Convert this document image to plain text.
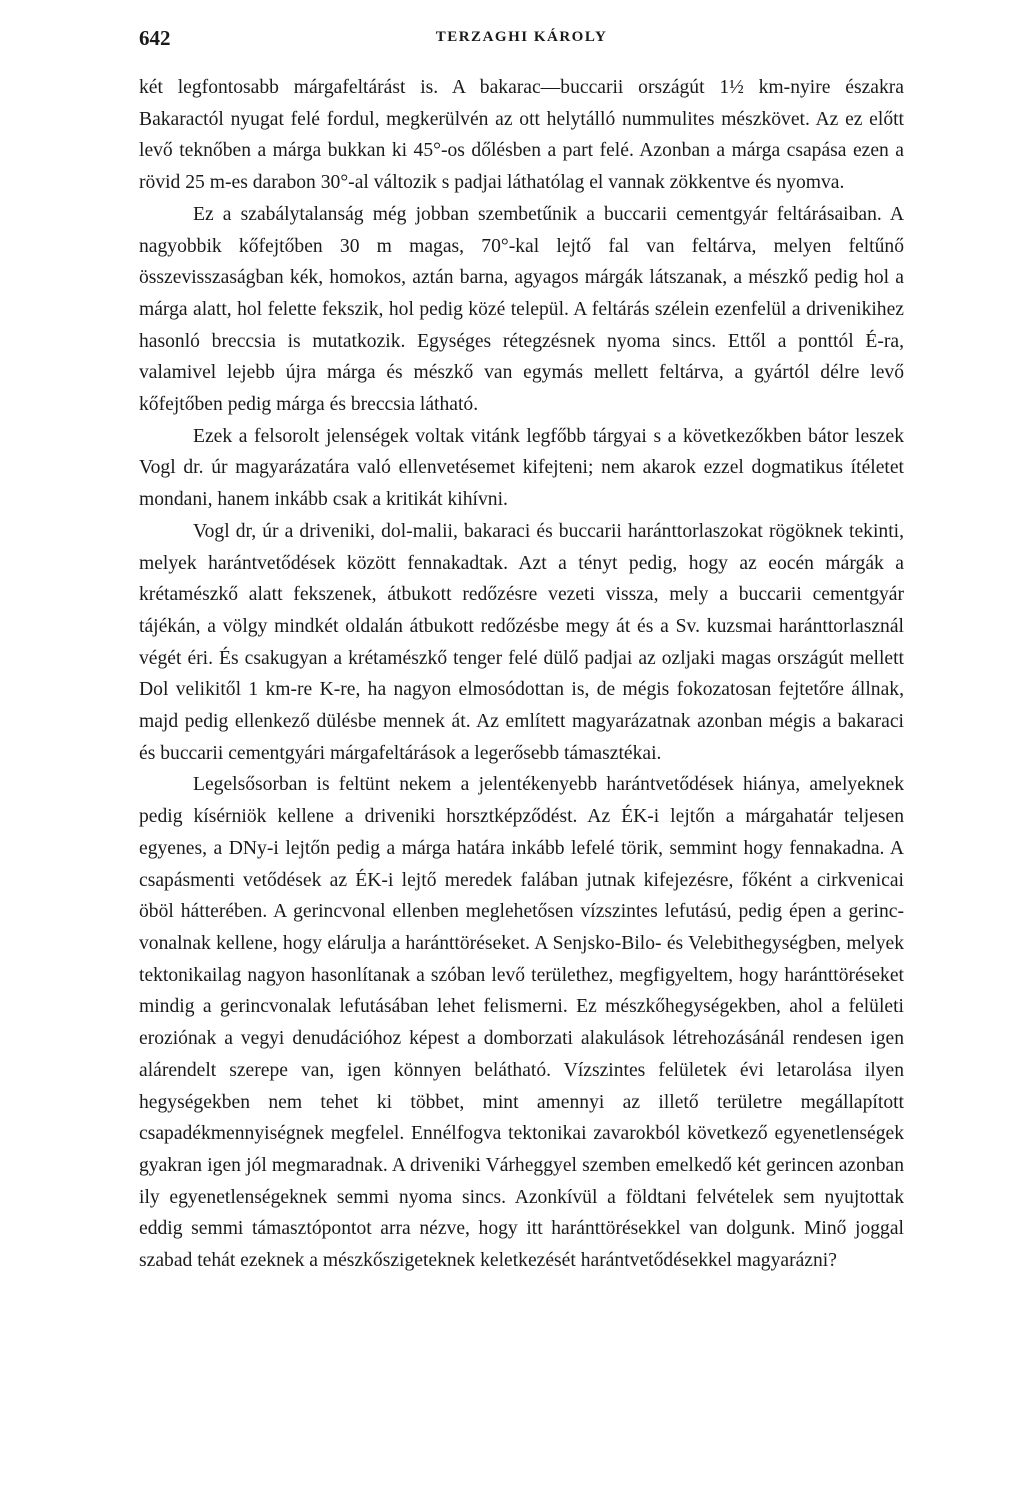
642	TERZAGHI KÁROLY

két legfontosabb márgafeltárást is. A bakarac—buccarii országút 1½ km-nyire északra Bakaractól nyugat felé fordul, megkerülvén az ott helytálló nummulites mészkövet. Az ez előtt levő teknőben a márga bukkan ki 45°-os dőlésben a part felé. Azonban a márga csapása ezen a rövid 25 m-es darabon 30°-al változik s padjai láthatólag el vannak zökkentve és nyomva.

Ez a szabálytalanság még jobban szembetűnik a buccarii cementgyár feltárásaiban. A nagyobbik kőfejtőben 30 m magas, 70°-kal lejtő fal van feltárva, melyen feltűnő összevisszaságban kék, homokos, aztán barna, agyagos márgák látszanak, a mészkő pedig hol a márga alatt, hol felette fekszik, hol pedig közé települ. A feltárás szélein ezenfelül a drivenikihez hasonló breccsia is mutatkozik. Egységes rétegzésnek nyoma sincs. Ettől a ponttól É-ra, valamivel lejebb újra márga és mészkő van egymás mellett feltárva, a gyártól délre levő kőfejtőben pedig márga és breccsia látható.

Ezek a felsorolt jelenségek voltak vitánk legfőbb tárgyai s a következőkben bátor leszek Vogl dr. úr magyarázatára való ellenvetésemet kifejteni; nem akarok ezzel dogmatikus ítéletet mondani, hanem inkább csak a kritikát kihívni.

Vogl dr, úr a driveniki, dol-malii, bakaraci és buccarii haránttorlaszokat rögöknek tekinti, melyek harántvetődések között fennakadtak. Azt a tényt pedig, hogy az eocén márgák a krétamészkő alatt fekszenek, átbukott redőzésre vezeti vissza, mely a buccarii cementgyár tájékán, a völgy mindkét oldalán átbukott redőzésbe megy át és a Sv. kuzsmai haránttorlasznál végét éri. És csakugyan a krétamészkő tenger felé dülő padjai az ozljaki magas országút mellett Dol velikitől 1 km-re K-re, ha nagyon elmosódottan is, de mégis fokozatosan fejtetőre állnak, majd pedig ellenkező dülésbe mennek át. Az említett magyarázatnak azonban mégis a bakaraci és buccarii cementgyári márgafeltárások a legerősebb támasztékai.

Legelsősorban is feltünt nekem a jelentékenyebb harántvetődések hiánya, amelyeknek pedig kísérniök kellene a driveniki horsztképződést. Az ÉK-i lejtőn a márgahatár teljesen egyenes, a DNy-i lejtőn pedig a márga határa inkább lefelé törik, semmint hogy fennakadna. A csapásmenti vetődések az ÉK-i lejtő meredek falában jutnak kifejezésre, főként a cirkvenicai öböl hátterében. A gerincvonal ellenben meglehetősen vízszintes lefutású, pedig épen a gerincvonalnak kellene, hogy elárulja a haránttöréseket. A Senjsko-Bilo- és Velebithegységben, melyek tektonikailag nagyon hasonlítanak a szóban levő területhez, megfigyeltem, hogy haránttöréseket mindig a gerincvonalak lefutásában lehet felismerni. Ez mészkőhegységekben, ahol a felületi eroziónak a vegyi denudációhoz képest a domborzati alakulások létrehozásánál rendesen igen alárendelt szerepe van, igen könnyen belátható. Vízszintes felületek évi letarolása ilyen hegységekben nem tehet ki többet, mint amennyi az illető területre megállapított csapadékmennyiségnek megfelel. Ennélfogva tektonikai zavarokból következő egyenetlenségek gyakran igen jól megmaradnak. A driveniki Várheggyel szemben emelkedő két gerincen azonban ily egyenetlenségeknek semmi nyoma sincs. Azonkívül a földtani felvételek sem nyujtottak eddig semmi támasztópontot arra nézve, hogy itt haránttörésekkel van dolgunk. Minő joggal szabad tehát ezeknek a mészkőszigeteknek keletkezését harántvetődésekkel magyarázni?
